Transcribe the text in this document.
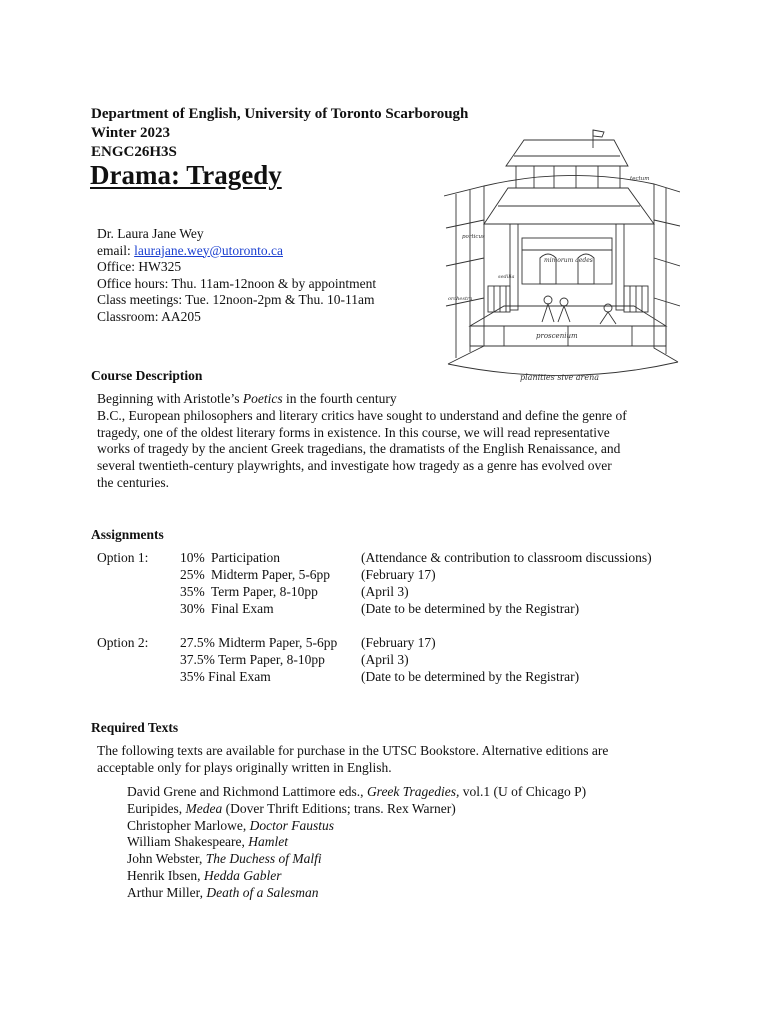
Department of English, University of Toronto Scarborough
Winter 2023
ENGC26H3S
Drama: Tragedy
Dr. Laura Jane Wey
email: laurajane.wey@utoronto.ca
Office: HW325
Office hours: Thu. 11am-12noon & by appointment
Class meetings: Tue. 12noon-2pm & Thu. 10-11am
Classroom: AA205
mimorum aedes
tectum
porticus
orchestra
sedilia
proscenium
planities sive arena
Course Description
Beginning with Aristotle’s Poetics in the fourth century
B.C., European philosophers and literary critics have sought to understand and define the genre of
tragedy, one of the oldest literary forms in existence. In this course, we will read representative
works of tragedy by the ancient Greek tragedians, the dramatists of the English Renaissance, and
several twentieth-century playwrights, and investigate how tragedy as a genre has evolved over
the centuries.
Assignments
Option 1: 10% Participation	(Attendance & contribution to classroom discussions)
25% Midterm Paper, 5-6pp (February 17)
35% Term Paper, 8-10pp	(April 3)
30% Final Exam	(Date to be determined by the Registrar)
Option 2: 27.5% Midterm Paper, 5-6pp (February 17)
37.5% Term Paper, 8-10pp	(April 3)
35% Final Exam	(Date to be determined by the Registrar)
Required Texts
The following texts are available for purchase in the UTSC Bookstore. Alternative editions are
acceptable only for plays originally written in English.
David Grene and Richmond Lattimore eds., Greek Tragedies, vol.1 (U of Chicago P)
Euripides, Medea (Dover Thrift Editions; trans. Rex Warner)
Christopher Marlowe, Doctor Faustus
William Shakespeare, Hamlet
John Webster, The Duchess of Malfi
Henrik Ibsen, Hedda Gabler
Arthur Miller, Death of a Salesman
